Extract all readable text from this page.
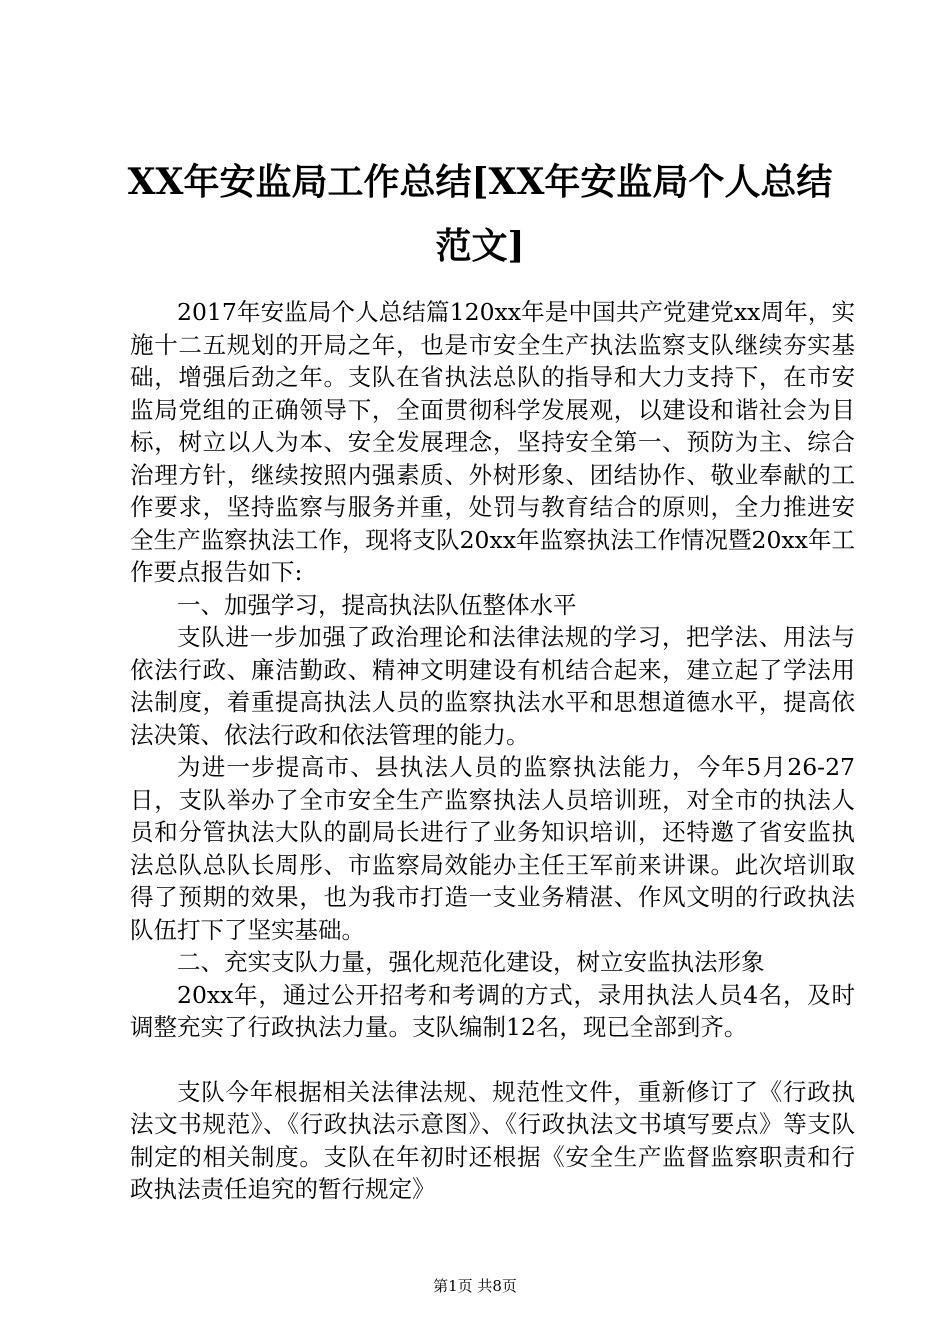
XX年安监局工作总结[XX年安监局个人总结范文]

2017年安监局个人总结篇120xx年是中国共产党建党xx周年，实施十二五规划的开局之年，也是市安全生产执法监察支队继续夯实基础，增强后劲之年。支队在省执法总队的指导和大力支持下，在市安监局党组的正确领导下，全面贯彻科学发展观，以建设和谐社会为目标，树立以人为本、安全发展理念，坚持安全第一、预防为主、综合治理方针，继续按照内强素质、外树形象、团结协作、敬业奉献的工作要求，坚持监察与服务并重，处罚与教育结合的原则，全力推进安全生产监察执法工作，现将支队20xx年监察执法工作情况暨20xx年工作要点报告如下:

一、加强学习，提高执法队伍整体水平

支队进一步加强了政治理论和法律法规的学习，把学法、用法与依法行政、廉洁勤政、精神文明建设有机结合起来，建立起了学法用法制度，着重提高执法人员的监察执法水平和思想道德水平，提高依法决策、依法行政和依法管理的能力。

为进一步提高市、县执法人员的监察执法能力，今年5月26-27日，支队举办了全市安全生产监察执法人员培训班，对全市的执法人员和分管执法大队的副局长进行了业务知识培训，还特邀了省安监执法总队总队长周彤、市监察局效能办主任王军前来讲课。此次培训取得了预期的效果，也为我市打造一支业务精湛、作风文明的行政执法队伍打下了坚实基础。

二、充实支队力量，强化规范化建设，树立安监执法形象

20xx年，通过公开招考和考调的方式，录用执法人员4名，及时调整充实了行政执法力量。支队编制12名，现已全部到齐。

支队今年根据相关法律法规、规范性文件，重新修订了《行政执法文书规范》、《行政执法示意图》、《行政执法文书填写要点》等支队制定的相关制度。支队在年初时还根据《安全生产监督监察职责和行政执法责任追究的暂行规定》

第1页 共8页
